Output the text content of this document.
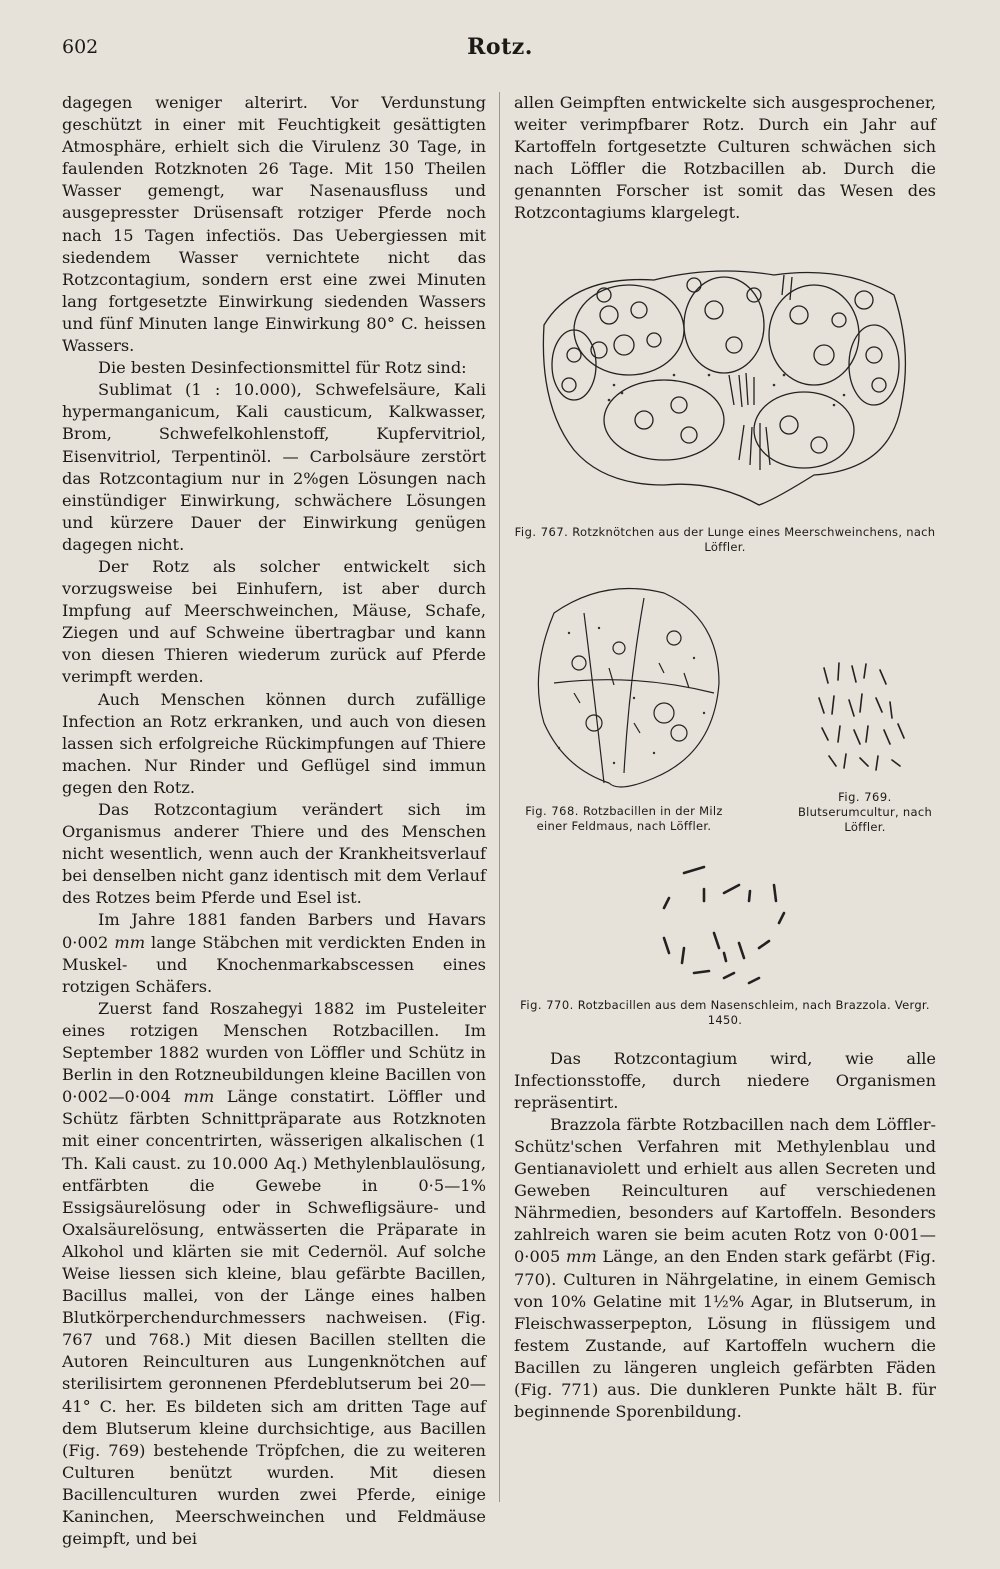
602	Rotz.

dagegen weniger alterirt. Vor Verdunstung geschützt in einer mit Feuchtigkeit gesättigten Atmosphäre, erhielt sich die Virulenz 30 Tage, in faulenden Rotzknoten 26 Tage. Mit 150 Theilen Wasser gemengt, war Nasenausfluss und ausgepresster Drüsensaft rotziger Pferde noch nach 15 Tagen infectiös. Das Uebergiessen mit siedendem Wasser vernichtete nicht das Rotzcontagium, sondern erst eine zwei Minuten lang fortgesetzte Einwirkung siedenden Wassers und fünf Minuten lange Einwirkung 80° C. heissen Wassers.

Die besten Desinfectionsmittel für Rotz sind:

Sublimat (1 : 10.000), Schwefelsäure, Kali hypermanganicum, Kali causticum, Kalkwasser, Brom, Schwefelkohlenstoff, Kupfervitriol, Eisenvitriol, Terpentinöl. — Carbolsäure zerstört das Rotzcontagium nur in 2%gen Lösungen nach einstündiger Einwirkung, schwächere Lösungen und kürzere Dauer der Einwirkung genügen dagegen nicht.

Der Rotz als solcher entwickelt sich vorzugsweise bei Einhufern, ist aber durch Impfung auf Meerschweinchen, Mäuse, Schafe, Ziegen und auf Schweine übertragbar und kann von diesen Thieren wiederum zurück auf Pferde verimpft werden.

Auch Menschen können durch zufällige Infection an Rotz erkranken, und auch von diesen lassen sich erfolgreiche Rückimpfungen auf Thiere machen. Nur Rinder und Geflügel sind immun gegen den Rotz.

Das Rotzcontagium verändert sich im Organismus anderer Thiere und des Menschen nicht wesentlich, wenn auch der Krankheitsverlauf bei denselben nicht ganz identisch mit dem Verlauf des Rotzes beim Pferde und Esel ist.

Im Jahre 1881 fanden Barbers und Havars 0·002 mm lange Stäbchen mit verdickten Enden in Muskel- und Knochenmarkabscessen eines rotzigen Schäfers.

Zuerst fand Roszahegyi 1882 im Pusteleiter eines rotzigen Menschen Rotzbacillen. Im September 1882 wurden von Löffler und Schütz in Berlin in den Rotzneubildungen kleine Bacillen von 0·002—0·004 mm Länge constatirt. Löffler und Schütz färbten Schnittpräparate aus Rotzknoten mit einer concentrirten, wässerigen alkalischen (1 Th. Kali caust. zu 10.000 Aq.) Methylenblaulösung, entfärbten die Gewebe in 0·5—1% Essigsäurelösung oder in Schwefligsäure- und Oxalsäurelösung, entwässerten die Präparate in Alkohol und klärten sie mit Cedernöl. Auf solche Weise liessen sich kleine, blau gefärbte Bacillen, Bacillus mallei, von der Länge eines halben Blutkörperchendurchmessers nachweisen. (Fig. 767 und 768.) Mit diesen Bacillen stellten die Autoren Reinculturen aus Lungenknötchen auf sterilisirtem geronnenen Pferdeblutserum bei 20—41° C. her. Es bildeten sich am dritten Tage auf dem Blutserum kleine durchsichtige, aus Bacillen (Fig. 769) bestehende Tröpfchen, die zu weiteren Culturen benützt wurden. Mit diesen Bacillenculturen wurden zwei Pferde, einige Kaninchen, Meerschweinchen und Feldmäuse geimpft, und bei

allen Geimpften entwickelte sich ausgesprochener, weiter verimpfbarer Rotz. Durch ein Jahr auf Kartoffeln fortgesetzte Culturen schwächen sich nach Löffler die Rotzbacillen ab. Durch die genannten Forscher ist somit das Wesen des Rotzcontagiums klargelegt.

Fig. 767. Rotzknötchen aus der Lunge eines Meerschweinchens, nach Löffler.
Fig. 768. Rotzbacillen in der Milz einer Feldmaus, nach Löffler.
Fig. 769. Blutserumcultur, nach Löffler.
Fig. 770. Rotzbacillen aus dem Nasenschleim, nach Brazzola. Vergr. 1450.

Das Rotzcontagium wird, wie alle Infectionsstoffe, durch niedere Organismen repräsentirt.

Brazzola färbte Rotzbacillen nach dem Löffler-Schütz'schen Verfahren mit Methylenblau und Gentianaviolett und erhielt aus allen Secreten und Geweben Reinculturen auf verschiedenen Nährmedien, besonders auf Kartoffeln. Besonders zahlreich waren sie beim acuten Rotz von 0·001—0·005 mm Länge, an den Enden stark gefärbt (Fig. 770). Culturen in Nährgelatine, in einem Gemisch von 10% Gelatine mit 1½% Agar, in Blutserum, in Fleischwasserpepton, Lösung in flüssigem und festem Zustande, auf Kartoffeln wuchern die Bacillen zu längeren ungleich gefärbten Fäden (Fig. 771) aus. Die dunkleren Punkte hält B. für beginnende Sporenbildung.
